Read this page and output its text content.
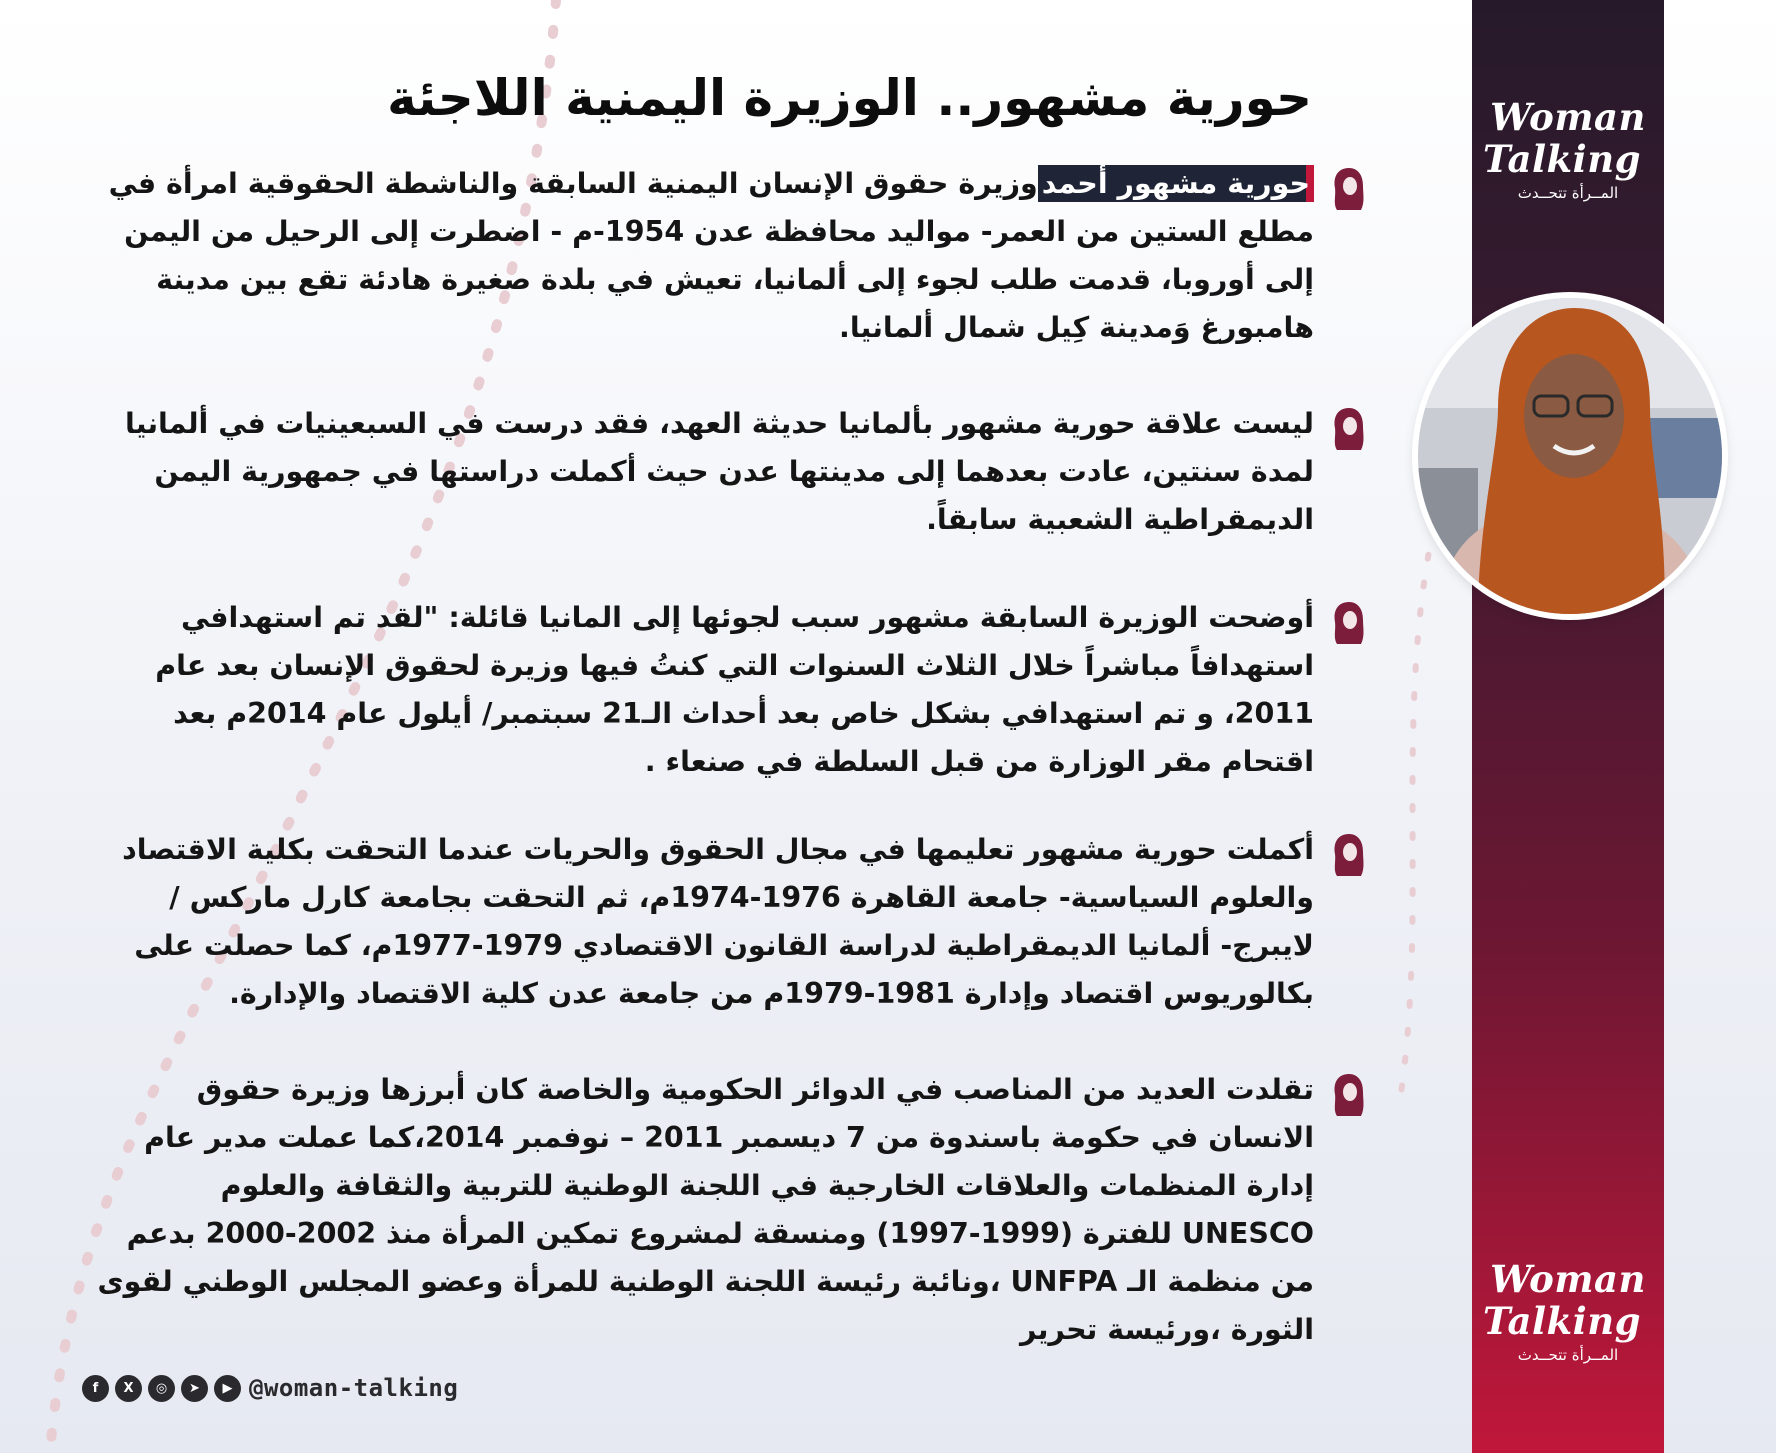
Woman
Talking
المــرأة تتحــدث
Woman
Talking
المــرأة تتحــدث
حورية مشهور.. الوزيرة اليمنية اللاجئة

حورية مشهور أحمدوزيرة حقوق الإنسان اليمنية السابقة والناشطة الحقوقية امرأة في مطلع الستين من العمر- مواليد محافظة عدن 1954-م - اضطرت إلى الرحيل من اليمن إلى أوروبا، قدمت طلب لجوء إلى ألمانيا، تعيش في بلدة صغيرة هادئة تقع بين مدينة هامبورغ وَمدينة كِيل شمال ألمانيا.

ليست علاقة حورية مشهور بألمانيا حديثة العهد، فقد درست في السبعينيات في ألمانيا لمدة سنتين، عادت بعدهما إلى مدينتها عدن حيث أكملت دراستها في جمهورية اليمن الديمقراطية الشعبية سابقاً.

أوضحت الوزيرة السابقة مشهور سبب لجوئها إلى المانيا قائلة: "لقد تم استهدافي استهدافاً مباشراً خلال الثلاث السنوات التي كنتُ فيها وزيرة لحقوق الإنسان بعد عام 2011، و تم استهدافي بشكل خاص بعد أحداث الـ21 سبتمبر/ أيلول عام 2014م بعد اقتحام مقر الوزارة من قبل السلطة في صنعاء .

أكملت حورية مشهور تعليمها في مجال الحقوق والحريات عندما التحقت بكلية الاقتصاد والعلوم السياسية- جامعة القاهرة 1976-1974م، ثم التحقت بجامعة كارل ماركس / لايبرج- ألمانيا الديمقراطية لدراسة القانون الاقتصادي 1979-1977م، كما حصلت على بكالوريوس اقتصاد وإدارة 1981-1979م من جامعة عدن كلية الاقتصاد والإدارة.

تقلدت العديد من المناصب في الدوائر الحكومية والخاصة كان أبرزها وزيرة حقوق الانسان في حكومة باسندوة من 7 ديسمبر 2011 – نوفمبر 2014،كما عملت مدير عام إدارة المنظمات والعلاقات الخارجية في اللجنة الوطنية للتربية والثقافة والعلوم UNESCO للفترة (1999-1997) ومنسقة لمشروع تمكين المرأة منذ 2002-2000 بدعم من منظمة الـ UNFPA ،ونائبة رئيسة اللجنة الوطنية للمرأة وعضو المجلس الوطني لقوى الثورة ،ورئيسة تحرير

f	X	◎	➤	▶ @woman-talking
